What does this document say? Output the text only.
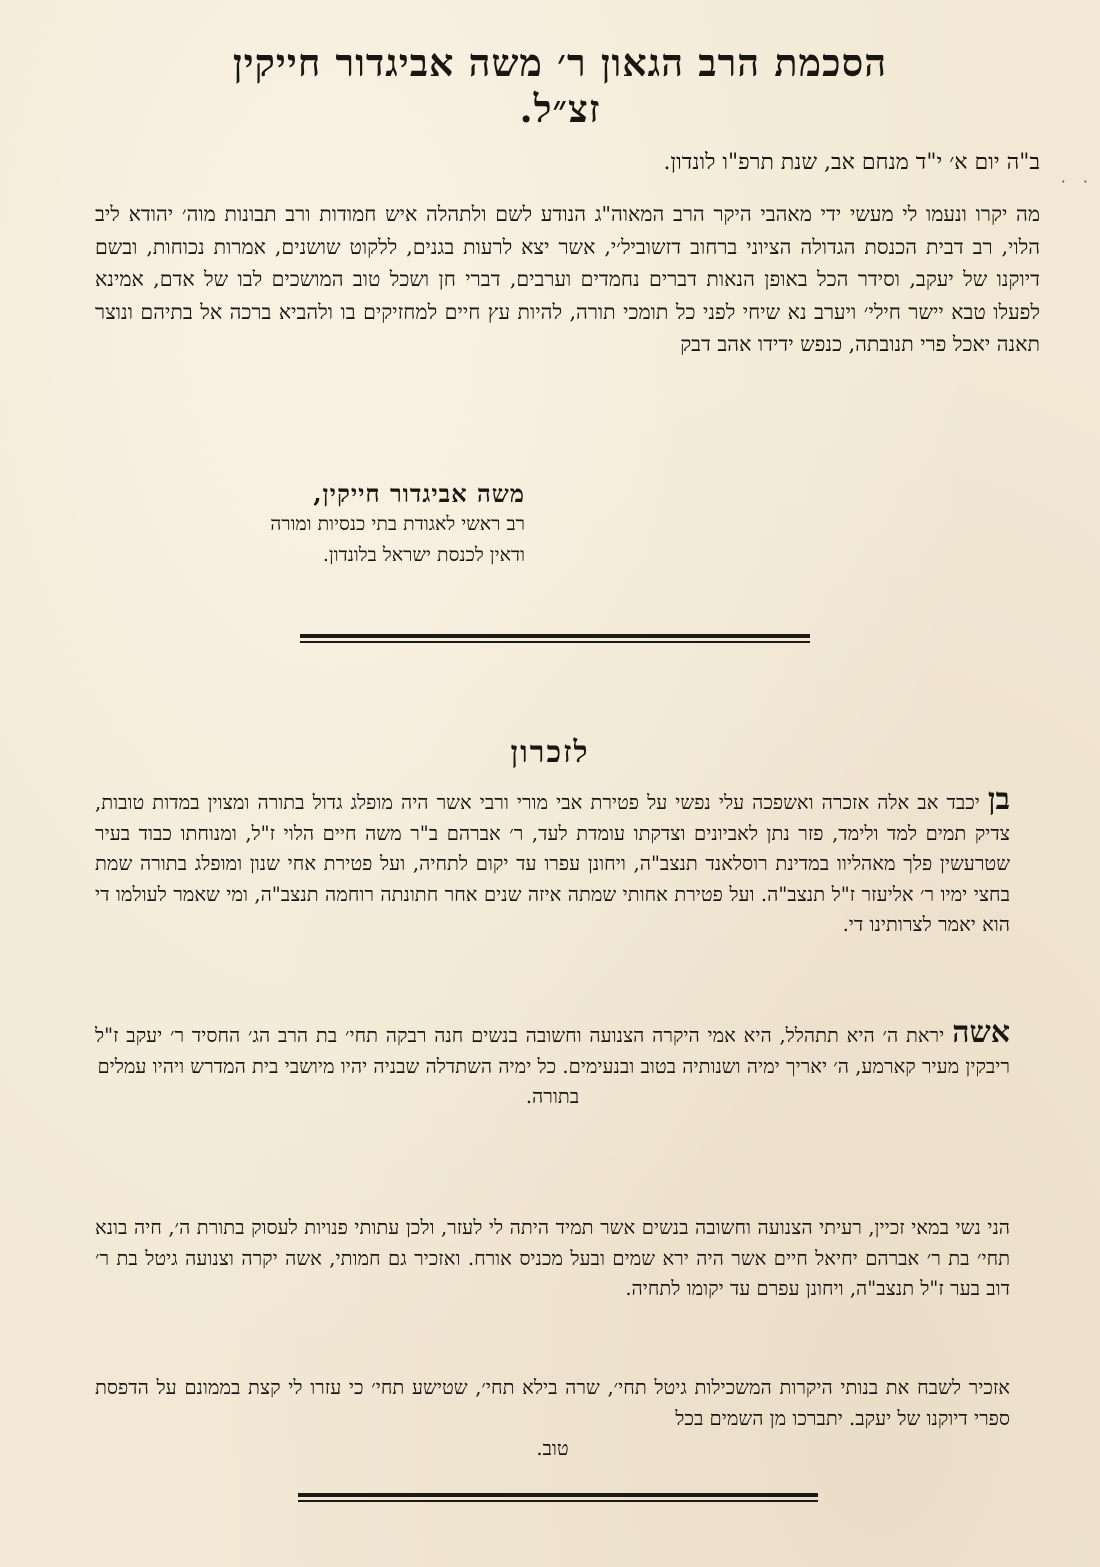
הסכמת הרב הגאון ר׳ משה אביגדור חייקין זצ״ל.
ב"ה יום א׳ י"ד מנחם אב, שנת תרפ"ו לונדון.

מה יקרו ונעמו לי מעשי ידי מאהבי היקר הרב המאוה"ג הנודע לשם ולתהלה איש חמודות ורב תבונות מוה׳ יהודא ליב הלוי, רב דבית הכנסת הגדולה הציוני ברחוב דזשוביל׳י, אשר יצא לרעות בגנים, ללקוט שושנים, אמרות נכוחות, ובשם דיוקנו של יעקב, וסידר הכל באופן הנאות דברים נחמדים וערבים, דברי חן ושכל טוב המושכים לבו של אדם, אמינא לפעלו טבא יישר חילי׳ ויערב נא שיחי לפני כל תומכי תורה, להיות עץ חיים למחזיקים בו ולהביא ברכה אל בתיהם ונוצר תאנה יאכל פרי תנובתה, כנפש ידידו אהב דבק

משה אביגדור חייקין,
רב ראשי לאגודת בתי כנסיות ומורה
ודאין לכנסת ישראל בלונדון.
לזכרון

בןיכבד אב אלה אזכרה ואשפכה עלי נפשי על פטירת אבי מורי ורבי אשר היה מופלג גדול בתורה ומצוין במדות טובות, צדיק תמים למד ולימד, פזר נתן לאביונים וצדקתו עומדת לעד, ר׳ אברהם ב"ר משה חיים הלוי ז"ל, ומנוחתו כבוד בעיר שטרעשין פלך מאהליוו במדינת רוסלאנד תנצב"ה, ויחונן עפרו עד יקום לתחיה, ועל פטירת אחי שנון ומופלג בתורה שמת בחצי ימיו ר׳ אליעזר ז"ל תנצב"ה. ועל פטירת אחותי שמתה איזה שנים אחר חתונתה רוחמה תנצב"ה, ומי שאמר לעולמו די הוא יאמר לצרותינו די.

אשהיראת ה׳ היא תתהלל, היא אמי היקרה הצנועה וחשובה בנשים חנה רבקה תחי׳ בת הרב הג׳ החסיד ר׳ יעקב ז"ל ריבקין מעיר קארמע, ה׳ יאריך ימיה ושנותיה בטוב ובנעימים. כל ימיה השתדלה שבניה יהיו מיושבי בית המדרש ויהיו עמלים

בתורה.

הני נשי במאי זכיין, רעיתי הצנועה וחשובה בנשים אשר תמיד היתה לי לעזר, ולכן עתותי פנויות לעסוק בתורת ה׳, חיה בונא תחי׳ בת ר׳ אברהם יחיאל חיים אשר היה ירא שמים ובעל מכניס אורח. ואזכיר גם חמותי, אשה יקרה וצנועה גיטל בת ר׳ דוב בער ז"ל תנצב"ה, ויחונן עפרם עד יקומו לתחיה.

אזכיר לשבח את בנותי היקרות המשכילות גיטל תחי׳, שרה בילא תחי׳, שטישע תחי׳ כי עזרו לי קצת בממונם על הדפסת ספרי דיוקנו של יעקב. יתברכו מן השמים בכל

טוב.

· ·
